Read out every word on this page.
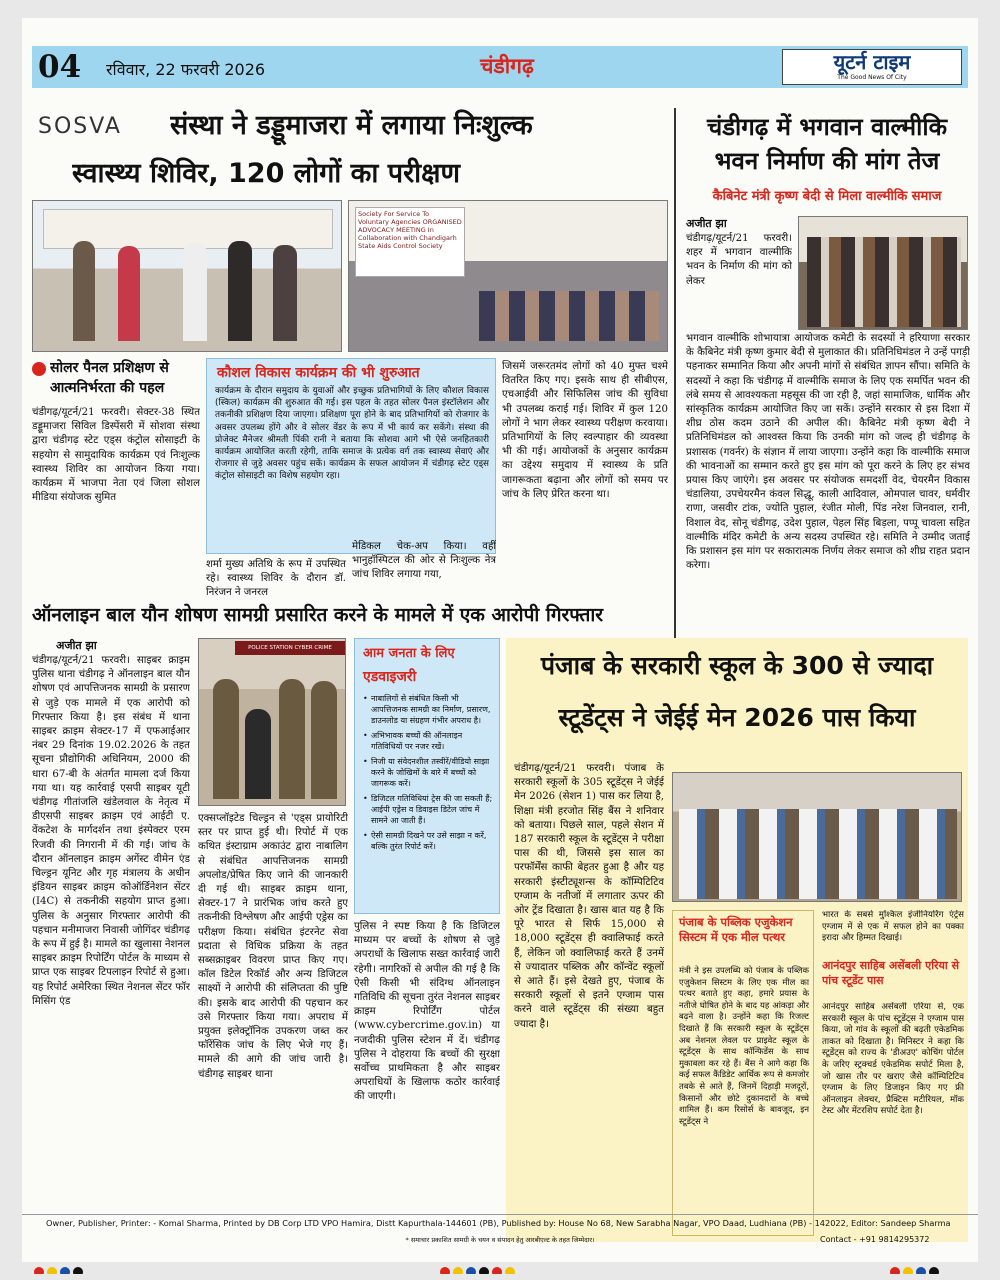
04	रविवार, 22 फरवरी 2026	चंडीगढ़	यूटर्न टाइम
The Good News Of City
SOSVA	संस्था ने डड्डूमाजरा में लगाया निःशुल्क
स्वास्थ्य शिविर, 120 लोगों का परीक्षण
Society For Service To Voluntary Agencies ORGANISED ADVOCACY MEETING In Collaboration with Chandigarh State Aids Control Society
सोलर पैनल प्रशिक्षण से आत्मनिर्भरता की पहल
चंडीगढ़/यूटर्न/21 फरवरी। सेक्टर-38 स्थित डड्डूमाजरा सिविल डिस्पेंसरी में सोशवा संस्था द्वारा चंडीगढ़ स्टेट एड्स कंट्रोल सोसाइटी के सहयोग से सामुदायिक कार्यक्रम एवं निःशुल्क स्वास्थ्य शिविर का आयोजन किया गया। कार्यक्रम में भाजपा नेता एवं जिला सोशल मीडिया संयोजक सुमित
कौशल विकास कार्यक्रम की भी शुरुआत
कार्यक्रम के दौरान समुदाय के युवाओं और इच्छुक प्रतिभागियों के लिए कौशल विकास (स्किल) कार्यक्रम की शुरुआत की गई। इस पहल के तहत सोलर पैनल इंस्टॉलेशन और तकनीकी प्रशिक्षण दिया जाएगा। प्रशिक्षण पूरा होने के बाद प्रतिभागियों को रोजगार के अवसर उपलब्ध होंगे और वे सोलर वेंडर के रूप में भी कार्य कर सकेंगे। संस्था की प्रोजेक्ट मैनेजर श्रीमती पिंकी रानी ने बताया कि सोशवा आगे भी ऐसे जनहितकारी कार्यक्रम आयोजित करती रहेगी, ताकि समाज के प्रत्येक वर्ग तक स्वास्थ्य सेवाएं और रोजगार से जुड़े अवसर पहुंच सकें। कार्यक्रम के सफल आयोजन में चंडीगढ़ स्टेट एड्स कंट्रोल सोसाइटी का विशेष सहयोग रहा।
शर्मा मुख्य अतिथि के रूप में उपस्थित रहे। स्वास्थ्य शिविर के दौरान डॉ. निरंजन ने जनरल
मेडिकल चेक-अप किया। वहीं भानुहॉस्पिटल की ओर से निःशुल्क नेत्र जांच शिविर लगाया गया,
जिसमें जरूरतमंद लोगों को 40 मुफ्त चश्मे वितरित किए गए। इसके साथ ही सीबीएस, एचआईवी और सिफिलिस जांच की सुविधा भी उपलब्ध कराई गई। शिविर में कुल 120 लोगों ने भाग लेकर स्वास्थ्य परीक्षण करवाया। प्रतिभागियों के लिए स्वल्पाहार की व्यवस्था भी की गई। आयोजकों के अनुसार कार्यक्रम का उद्देश्य समुदाय में स्वास्थ्य के प्रति जागरूकता बढ़ाना और लोगों को समय पर जांच के लिए प्रेरित करना था।
चंडीगढ़ में भगवान वाल्मीकि भवन निर्माण की मांग तेज
कैबिनेट मंत्री कृष्ण बेदी से मिला वाल्मीकि समाज
अजीत झा
चंडीगढ़/यूटर्न/21 फरवरी। शहर में भगवान वाल्मीकि भवन के निर्माण की मांग को लेकर
भगवान वाल्मीकि शोभायात्रा आयोजक कमेटी के सदस्यों ने हरियाणा सरकार के कैबिनेट मंत्री कृष्ण कुमार बेदी से मुलाकात की। प्रतिनिधिमंडल ने उन्हें पगड़ी पहनाकर सम्मानित किया और अपनी मांगों से संबंधित ज्ञापन सौंपा। समिति के सदस्यों ने कहा कि चंडीगढ़ में वाल्मीकि समाज के लिए एक समर्पित भवन की लंबे समय से आवश्यकता महसूस की जा रही है, जहां सामाजिक, धार्मिक और सांस्कृतिक कार्यक्रम आयोजित किए जा सकें। उन्होंने सरकार से इस दिशा में शीघ्र ठोस कदम उठाने की अपील की। कैबिनेट मंत्री कृष्ण बेदी ने प्रतिनिधिमंडल को आश्वस्त किया कि उनकी मांग को जल्द ही चंडीगढ़ के प्रशासक (गवर्नर) के संज्ञान में लाया जाएगा। उन्होंने कहा कि वाल्मीकि समाज की भावनाओं का सम्मान करते हुए इस मांग को पूरा करने के लिए हर संभव प्रयास किए जाएंगे। इस अवसर पर संयोजक समदर्शी वेद, चेयरमैन विकास चंडालिया, उपचेयरमैन कंवल सिद्धू, काली आदिवाल, ओमपाल चावर, धर्मवीर राणा, जसवीर टांक, ज्योति पुहाल, रंजीत मोली, पिंड नरेश जिनवाल, रानी, विशाल वेद, सोनू चंडीगढ़, उदेश पुहाल, पेहल सिंह बिड़ला, पप्पू चावला सहित वाल्मीकि मंदिर कमेटी के अन्य सदस्य उपस्थित रहे। समिति ने उम्मीद जताई कि प्रशासन इस मांग पर सकारात्मक निर्णय लेकर समाज को शीघ्र राहत प्रदान करेगा।
ऑनलाइन बाल यौन शोषण सामग्री प्रसारित करने के मामले में एक आरोपी गिरफ्तार
अजीत झा
चंडीगढ़/यूटर्न/21 फरवरी। साइबर क्राइम पुलिस थाना चंडीगढ़ ने ऑनलाइन बाल यौन शोषण एवं आपत्तिजनक सामग्री के प्रसारण से जुड़े एक मामले में एक आरोपी को गिरफ्तार किया है। इस संबंध में थाना साइबर क्राइम सेक्टर-17 में एफआईआर नंबर 29 दिनांक 19.02.2026 के तहत सूचना प्रौद्योगिकी अधिनियम, 2000 की धारा 67-बी के अंतर्गत मामला दर्ज किया गया था। यह कार्रवाई एसपी साइबर यूटी चंडीगढ़ गीतांजलि खंडेलवाल के नेतृत्व में डीएसपी साइबर क्राइम एवं आईटी ए. वेंकटेश के मार्गदर्शन तथा इंस्पेक्टर एरम रिजवी की निगरानी में की गई। जांच के दौरान ऑनलाइन क्राइम अगेंस्ट वीमेन एंड चिल्ड्रन यूनिट और गृह मंत्रालय के अधीन इंडियन साइबर क्राइम कोऑर्डिनेशन सेंटर (I4C) से तकनीकी सहयोग प्राप्त हुआ। पुलिस के अनुसार गिरफ्तार आरोपी की पहचान मनीमाजरा निवासी जोगिंदर चंडीगढ़ के रूप में हुई है। मामले का खुलासा नेशनल साइबर क्राइम रिपोर्टिंग पोर्टल के माध्यम से प्राप्त एक साइबर टिपलाइन रिपोर्ट से हुआ। यह रिपोर्ट अमेरिका स्थित नेशनल सेंटर फॉर मिसिंग एंड
POLICE STATION CYBER CRIME
एक्सप्लॉइटेड चिल्ड्रन से 'एड्स प्रायोरिटी स्तर पर प्राप्त हुई थी। रिपोर्ट में एक कथित इंस्टाग्राम अकाउंट द्वारा नाबालिग से संबंधित आपत्तिजनक सामग्री अपलोड/प्रेषित किए जाने की जानकारी दी गई थी। साइबर क्राइम थाना, सेक्टर-17 ने प्रारंभिक जांच करते हुए तकनीकी विश्लेषण और आईपी एड्रेस का परीक्षण किया। संबंधित इंटरनेट सेवा प्रदाता से विधिक प्रक्रिया के तहत सब्सक्राइबर विवरण प्राप्त किए गए। कॉल डिटेल रिकॉर्ड और अन्य डिजिटल साक्ष्यों ने आरोपी की संलिप्तता की पुष्टि की। इसके बाद आरोपी की पहचान कर उसे गिरफ्तार किया गया। अपराध में प्रयुक्त इलेक्ट्रॉनिक उपकरण जब्त कर फॉरेंसिक जांच के लिए भेजे गए हैं। मामले की आगे की जांच जारी है। चंडीगढ़ साइबर थाना
आम जनता के लिए
एडवाइजरी
• नाबालिगों से संबंधित किसी भी आपत्तिजनक सामग्री का निर्माण, प्रसारण, डाउनलोड या संग्रहण गंभीर अपराध है।
• अभिभावक बच्चों की ऑनलाइन गतिविधियों पर नजर रखें।
• निजी या संवेदनशील तस्वीरें/वीडियो साझा करने के जोखिमों के बारे में बच्चों को जागरूक करें।
• डिजिटल गतिविधियां ट्रेस की जा सकती हैं; आईपी एड्रेस व डिवाइस डिटेल जांच में सामने आ जाती हैं।
• ऐसी सामग्री दिखने पर उसे साझा न करें, बल्कि तुरंत रिपोर्ट करें।
पुलिस ने स्पष्ट किया है कि डिजिटल माध्यम पर बच्चों के शोषण से जुड़े अपराधों के खिलाफ सख्त कार्रवाई जारी रहेगी। नागरिकों से अपील की गई है कि ऐसी किसी भी संदिग्ध ऑनलाइन गतिविधि की सूचना तुरंत नेशनल साइबर क्राइम रिपोर्टिंग पोर्टल (www.cybercrime.gov.in) या नजदीकी पुलिस स्टेशन में दें। चंडीगढ़ पुलिस ने दोहराया कि बच्चों की सुरक्षा सर्वोच्च प्राथमिकता है और साइबर अपराधियों के खिलाफ कठोर कार्रवाई की जाएगी।
पंजाब के सरकारी स्कूल के 300 से ज्यादा
स्टूडेंट्स ने जेईई मेन 2026 पास किया
चंडीगढ़/यूटर्न/21 फरवरी। पंजाब के सरकारी स्कूलों के 305 स्टूडेंट्स ने जेईई मेन 2026 (सेशन 1) पास कर लिया है, शिक्षा मंत्री हरजोत सिंह बैंस ने शनिवार को बताया। पिछले साल, पहले सेशन में 187 सरकारी स्कूल के स्टूडेंट्स ने परीक्षा पास की थी, जिससे इस साल का परफॉर्मेंस काफी बेहतर हुआ है और यह सरकारी इंस्टीट्यूशन्स के कॉम्पिटिटिव एग्जाम के नतीजों में लगातार ऊपर की ओर ट्रेंड दिखाता है। खास बात यह है कि पूरे भारत से सिर्फ 15,000 से 18,000 स्टूडेंट्स ही क्वालिफाई करते हैं, लेकिन जो क्वालिफाई करते हैं उनमें से ज्यादातर पब्लिक और कॉन्वेंट स्कूलों से आते हैं। इसे देखते हुए, पंजाब के सरकारी स्कूलों से इतने एग्जाम पास करने वाले स्टूडेंट्स की संख्या बहुत ज्यादा है।
पंजाब के पब्लिक एजुकेशन सिस्टम में एक मील पत्थर
मंत्री ने इस उपलब्धि को पंजाब के पब्लिक एजुकेशन सिस्टम के लिए एक मील का पत्थर बताते हुए कहा, हमारे प्रयास के नतीजे घोषित होने के बाद यह आंकड़ा और बढ़ने वाला है। उन्होंने कहा कि रिजल्ट दिखाते हैं कि सरकारी स्कूल के स्टूडेंट्स अब नेशनल लेवल पर प्राइवेट स्कूल के स्टूडेंट्स के साथ कॉन्फिडेंस के साथ मुकाबला कर रहे हैं। बैंस ने आगे कहा कि कई सफल कैंडिडेट आर्थिक रूप से कमजोर तबके से आते हैं, जिनमें दिहाड़ी मजदूरों, किसानों और छोटे दुकानदारों के बच्चे शामिल हैं। कम रिसोर्स के बावजूद, इन स्टूडेंट्स ने
भारत के सबसे मुश्किल इंजीनियरिंग एंट्रेंस एग्जाम में से एक में सफल होने का पक्का इरादा और हिम्मत दिखाई।
आनंदपुर साहिब असेंबली एरिया से पांच स्टूडेंट पास
आनंदपुर साहिब असेंबली एरिया से, एक सरकारी स्कूल के पांच स्टूडेंट्स ने एग्जाम पास किया, जो गांव के स्कूलों की बढ़ती एकेडमिक ताकत को दिखाता है। मिनिस्टर ने कहा कि स्टूडेंट्स को राज्य के 'डीअउए' कोचिंग पोर्टल के जरिए स्ट्रक्चर्ड एकेडमिक सपोर्ट मिला है, जो खास तौर पर खराए जैसे कॉम्पिटिटिव एग्जाम के लिए डिजाइन किए गए फ्री ऑनलाइन लेक्चर, प्रैक्टिस मटीरियल, मॉक टेस्ट और मेंटरशिप सपोर्ट देता है।
Owner, Publisher, Printer: - Komal Sharma, Printed by DB Corp LTD VPO Hamira, Distt Kapurthala-144601 (PB), Published by: House No 68, New Sarabha Nagar, VPO Daad, Ludhiana (PB) - 142022, Editor: Sandeep Sharma
* समाचार प्रकाशित सामग्री के चयन व संपादन हेतु आरबीएल्ट के तहत जिम्मेदार।	Contact - +91 9814295372
